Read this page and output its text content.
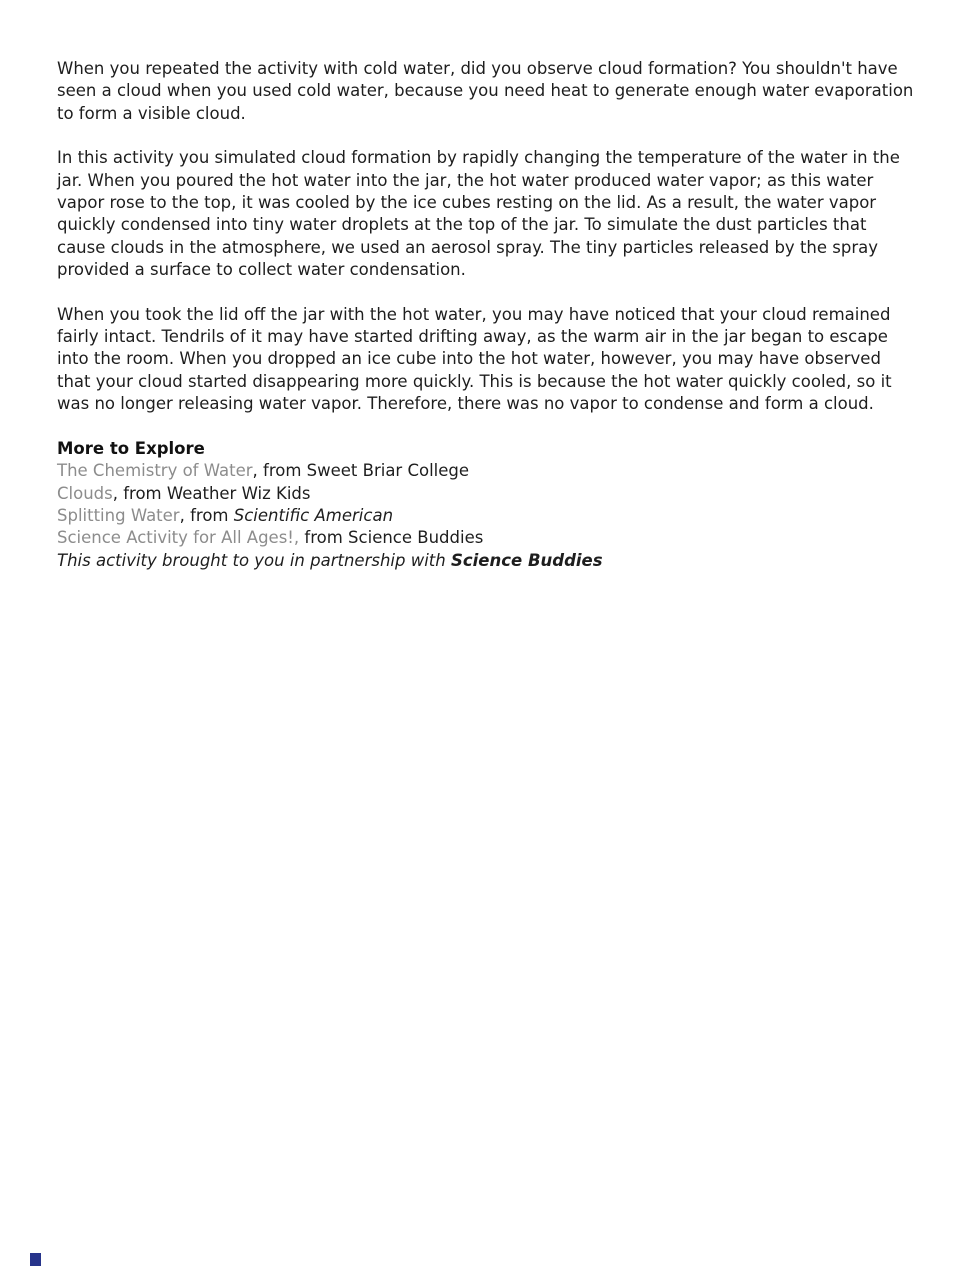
When you repeated the activity with cold water, did you observe cloud formation? You shouldn't have seen a cloud when you used cold water, because you need heat to generate enough water evaporation to form a visible cloud.

In this activity you simulated cloud formation by rapidly changing the temperature of the water in the jar. When you poured the hot water into the jar, the hot water produced water vapor; as this water vapor rose to the top, it was cooled by the ice cubes resting on the lid. As a result, the water vapor quickly condensed into tiny water droplets at the top of the jar. To simulate the dust particles that cause clouds in the atmosphere, we used an aerosol spray. The tiny particles released by the spray provided a surface to collect water condensation.

When you took the lid off the jar with the hot water, you may have noticed that your cloud remained fairly intact. Tendrils of it may have started drifting away, as the warm air in the jar began to escape into the room. When you dropped an ice cube into the hot water, however, you may have observed that your cloud started disappearing more quickly. This is because the hot water quickly cooled, so it was no longer releasing water vapor. Therefore, there was no vapor to condense and form a cloud.

More to Explore
The Chemistry of Water, from Sweet Briar College
Clouds, from Weather Wiz Kids
Splitting Water, from Scientific American
Science Activity for All Ages!, from Science Buddies
This activity brought to you in partnership with Science Buddies
